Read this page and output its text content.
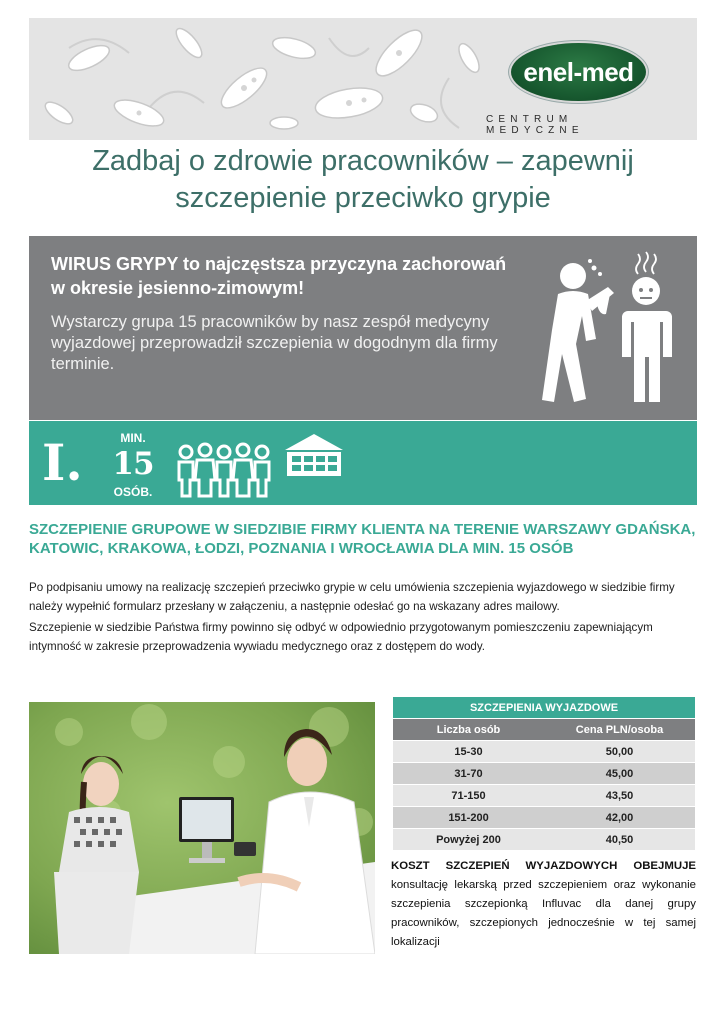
enel-med
CENTRUM MEDYCZNE
Zadbaj o zdrowie pracowników – zapewnij
szczepienie przeciwko grypie
WIRUS GRYPY to najczęstsza przyczyna zachorowań
w okresie jesienno-zimowym!
Wystarczy grupa 15 pracowników by nasz zespół medycyny wyjazdowej przeprowadził szczepienia w dogodnym dla firmy terminie.
I.	MIN.
15
OSÓB.
SZCZEPIENIE GRUPOWE W SIEDZIBIE FIRMY KLIENTA NA TERENIE WARSZAWY GDAŃSKA, KATOWIC, KRAKOWA, ŁODZI, POZNANIA I WROCŁAWIA DLA MIN. 15 OSÓB
Po podpisaniu umowy na realizację szczepień przeciwko grypie w celu umówienia szczepienia wyjazdowego w siedzibie firmy należy wypełnić formularz przesłany w załączeniu, a następnie odesłać go na wskazany adres mailowy.
Szczepienie w siedzibie Państwa firmy powinno się odbyć w odpowiednio przygotowanym pomieszczeniu zapewniającym intymność w zakresie przeprowadzenia wywiadu medycznego oraz z dostępem do wody.
SZCZEPIENIA WYJAZDOWE	
Liczba osób	Cena PLN/osoba
15-30	50,00
31-70	45,00
71-150	43,50
151-200	42,00
Powyżej 200	40,50
KOSZT SZCZEPIEŃ WYJAZDOWYCH OBEJMUJE konsultację lekarską przed szczepieniem oraz wykonanie szczepienia szczepionką Influvac dla danej grupy pracowników, szczepionych jednocześnie w tej samej lokalizacji
